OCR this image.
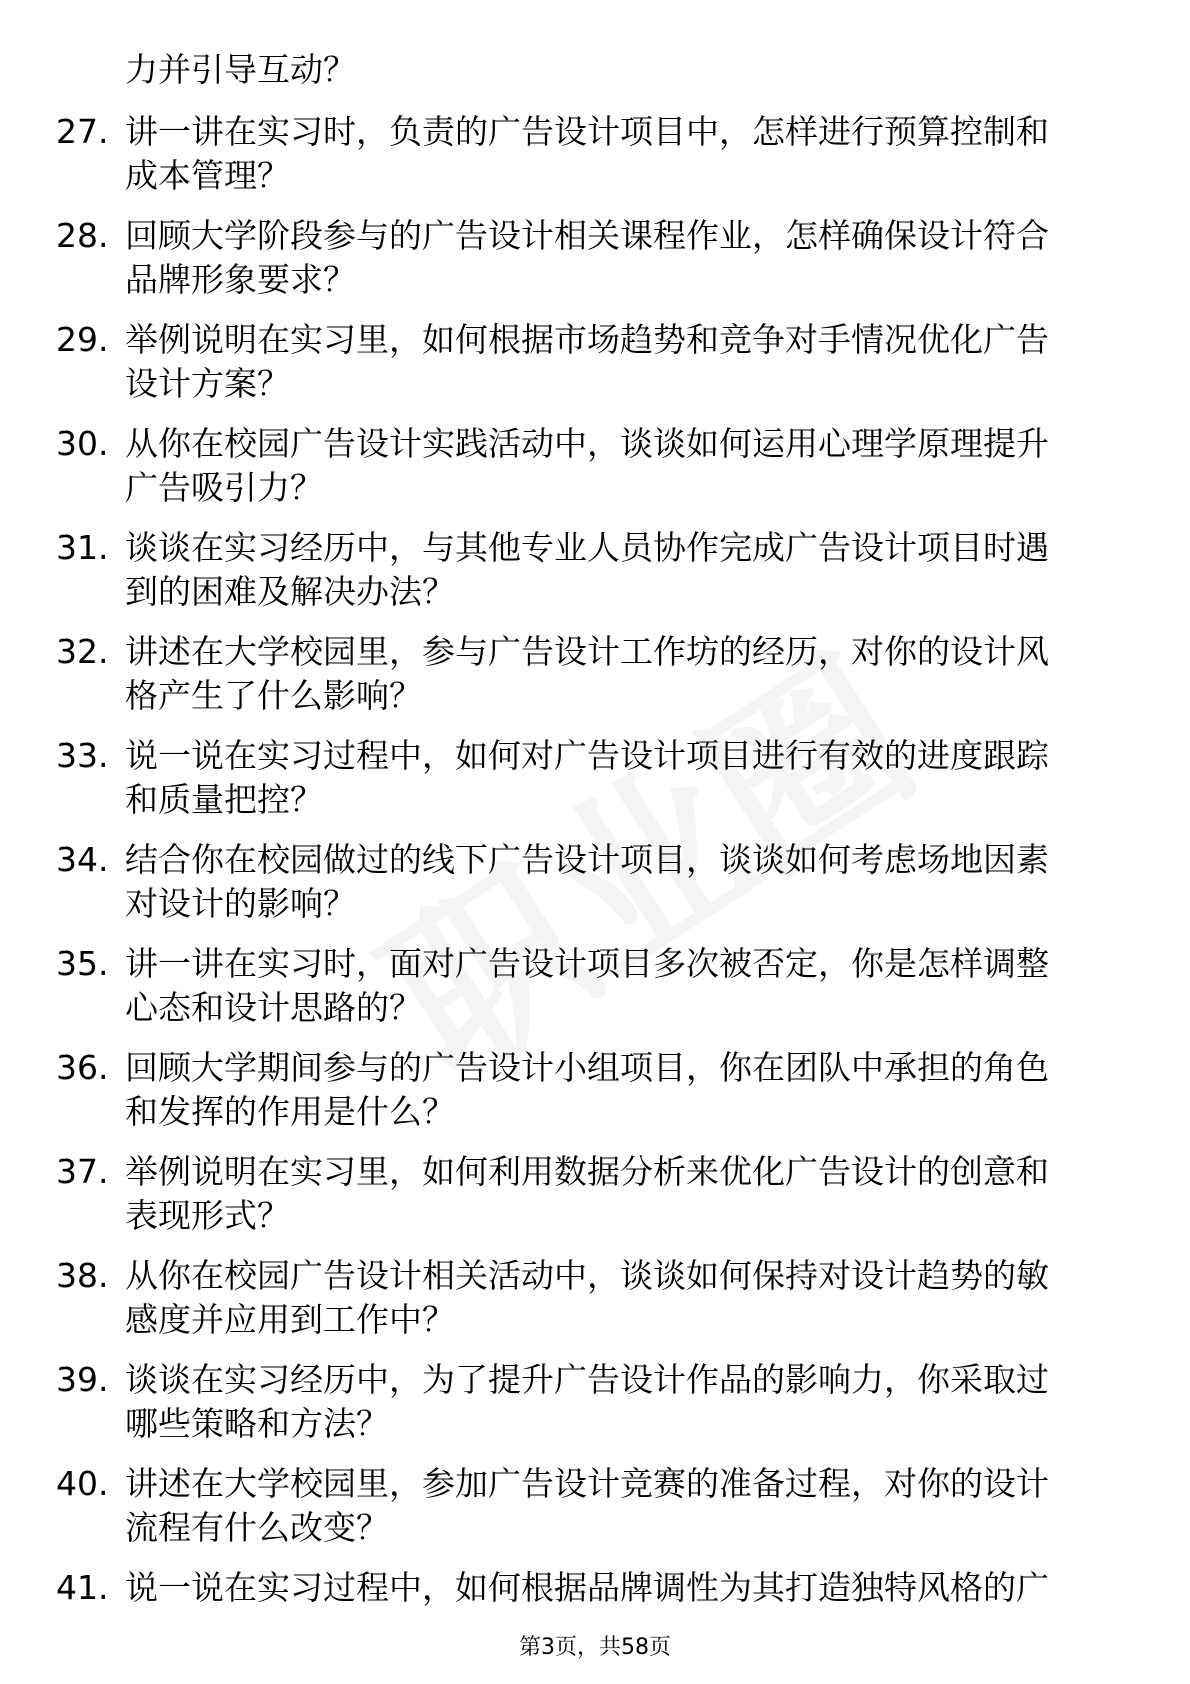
力并引导互动？
27. 讲一讲在实习时，负责的广告设计项目中，怎样进行预算控制和
成本管理？
28. 回顾大学阶段参与的广告设计相关课程作业，怎样确保设计符合
品牌形象要求？
29. 举例说明在实习里，如何根据市场趋势和竞争对手情况优化广告
设计方案？
30. 从你在校园广告设计实践活动中，谈谈如何运用心理学原理提升
广告吸引力？
31. 谈谈在实习经历中，与其他专业人员协作完成广告设计项目时遇
到的困难及解决办法？
32. 讲述在大学校园里，参与广告设计工作坊的经历，对你的设计风
格产生了什么影响？
33. 说一说在实习过程中，如何对广告设计项目进行有效的进度跟踪
和质量把控？
34. 结合你在校园做过的线下广告设计项目，谈谈如何考虑场地因素
对设计的影响？
35. 讲一讲在实习时，面对广告设计项目多次被否定，你是怎样调整
心态和设计思路的？
36. 回顾大学期间参与的广告设计小组项目，你在团队中承担的角色
和发挥的作用是什么？
37. 举例说明在实习里，如何利用数据分析来优化广告设计的创意和
表现形式？
38. 从你在校园广告设计相关活动中，谈谈如何保持对设计趋势的敏
感度并应用到工作中？
39. 谈谈在实习经历中，为了提升广告设计作品的影响力，你采取过
哪些策略和方法？
40. 讲述在大学校园里，参加广告设计竞赛的准备过程，对你的设计
流程有什么改变？
41. 说一说在实习过程中，如何根据品牌调性为其打造独特风格的广
第3页，共58页
